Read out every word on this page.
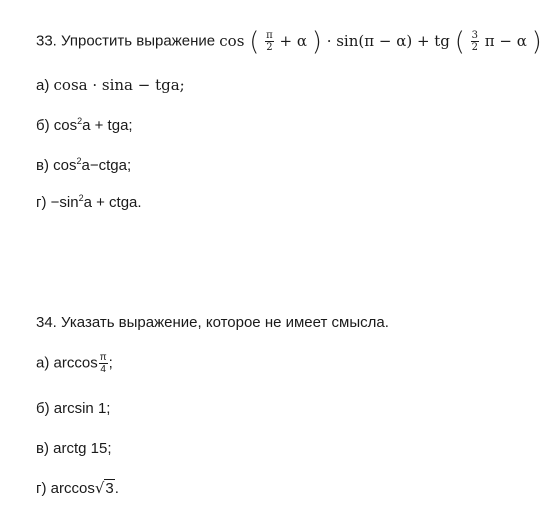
33. Упростить выражение cos ( $\frac{\pi}{2} + \alpha$ ) · sin(π − α) + tg ( $\frac{3}{2}$ π − α )
а) cosa · sina − tga;
б) $\cos^2a$ + tga;
в) $\cos^2a-ctga$;
$г) -\sin^2a$ + ctga.
34. Указать выражение, которое не имеет смысла.
а) $\arccos \frac{\pi}{4}$ ;
б) arcsin 1;
в) arctg 15;
г) arccos√3.
